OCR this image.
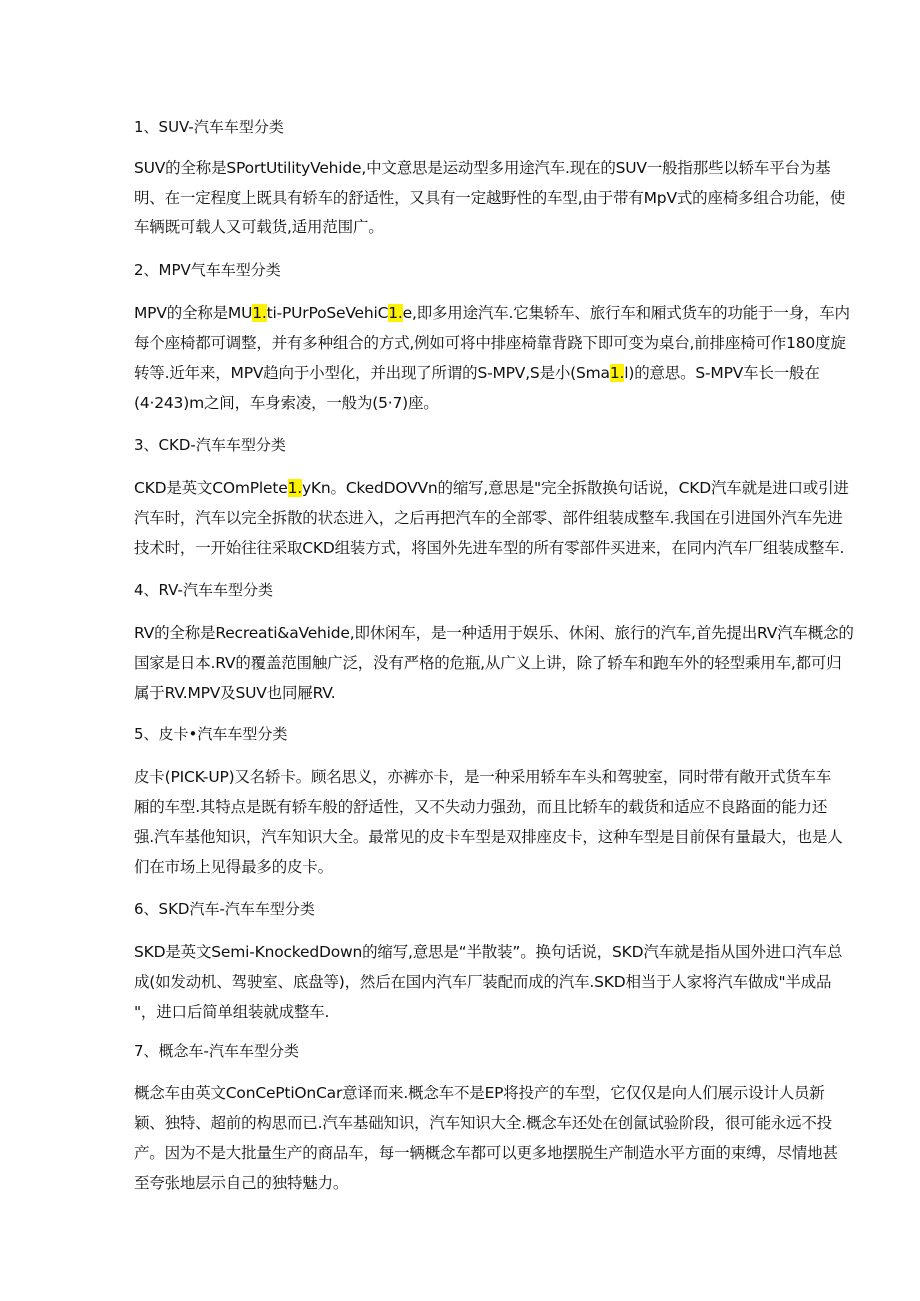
1、SUV-汽车车型分类
SUV的全称是SPortUtilityVehide,中文意思是运动型多用途汽车.现在的SUV一般指那些以轿车平台为基
明、在一定程度上既具有轿车的舒适性，又具有一定越野性的车型,由于带有MpV式的座椅多组合功能，使
车辆既可载人又可载货,适用范围广。
2、MPV气车车型分类
MPV的全称是MU1.ti-PUrPoSeVehiC1.e,即多用途汽车.它集轿车、旅行车和厢式货车的功能于一身，车内
每个座椅都可调整，并有多种组合的方式,例如可将中排座椅靠背跷下即可变为桌台,前排座椅可作180度旋
转等.近年来，MPV趋向于小型化，并出现了所谓的S-MPV,S是小(Sma1.l)的意思。S-MPV车长一般在
(4·243)m之间，车身索凌，一般为(5·7)座。
3、CKD-汽车车型分类
CKD是英文COmPlete1.yKn。CkedDOVVn的缩写,意思是"完全拆散换句话说，CKD汽车就是进口或引进
汽车时，汽车以完全拆散的状态进入，之后再把汽车的全部零、部件组装成整车.我国在引进国外汽车先进
技术时，一开始往往采取CKD组装方式，将国外先进车型的所有零部件买进来，在同内汽车厂组装成整车.
4、RV-汽车车型分类
RV的全称是Recreati&aVehide,即休闲车，是一种适用于娱乐、休闲、旅行的汽车,首先提出RV汽车概念的
国家是日本.RV的覆盖范围触广泛，没有严格的危瓶,从广义上讲，除了轿车和跑车外的轻型乘用车,都可归
属于RV.MPV及SUV也同屜RV.
5、皮卡•汽车车型分类
皮卡(PICK-UP)又名轿卡。顾名思义，亦裤亦卡，是一种采用轿车车头和驾驶室，同时带有敞开式货车车
厢的车型.其特点是既有轿车般的舒适性，又不失动力强劲，而且比轿车的载货和适应不良路面的能力还
强.汽车基他知识，汽车知识大全。最常见的皮卡车型是双排座皮卡，这种车型是目前保有量最大，也是人
们在市场上见得最多的皮卡。
6、SKD汽车-汽车车型分类
SKD是英文Semi-KnockedDown的缩写,意思是“半散装”。换句话说，SKD汽车就是指从国外进口汽车总
成(如发动机、驾驶室、底盘等)，然后在国内汽车厂装配而成的汽车.SKD相当于人家将汽车做成"半成品
"，进口后简单组装就成整车.
7、概念车-汽车车型分类
概念车由英文ConCePtiOnCar意译而来.概念车不是EP将投产的车型，它仅仅是向人们展示设计人员新
颖、独特、超前的构思而已.汽车基础知识，汽车知识大全.概念车还处在创氤试验阶段，很可能永远不投
产。因为不是大批量生产的商品车，每一辆概念车都可以更多地摆脱生产制造水平方面的束缚，尽情地甚
至夸张地层示自己的独特魅力。
